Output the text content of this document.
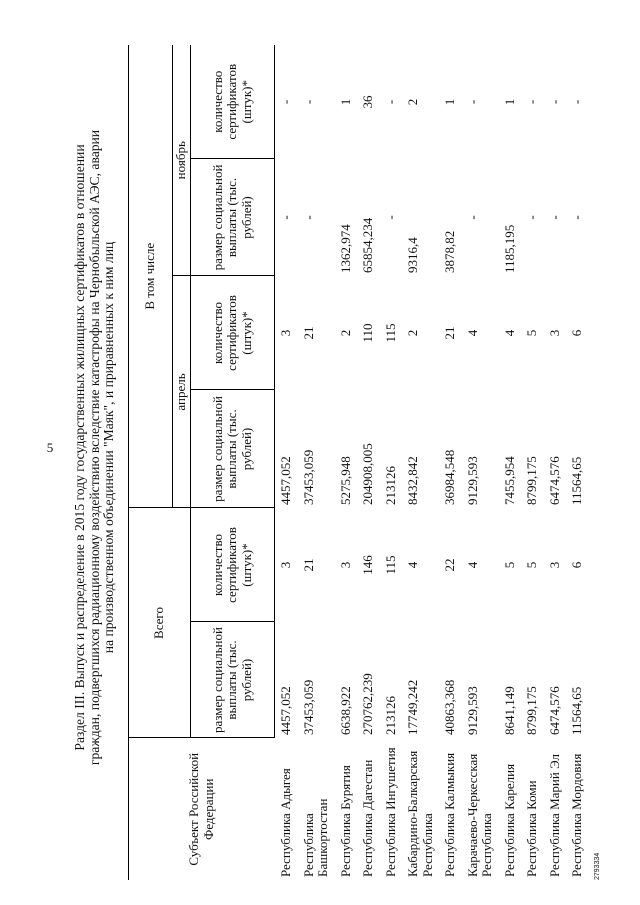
5	Раздел III. Выпуск и распределение в 2015 году государственных жилищных сертификатов в отношении граждан, подвергшихся радиационному воздействию вследствие катастрофы на Чернобыльской АЭС, аварии на производственном объединении "Маяк", и приравненных к ним лиц
Субъект Российской Федерации	Всего		В том числе			
			апрель		ноябрь	
	размер социальной выплаты (тыс. рублей)	количество сертификатов (штук)*	размер социальной выплаты (тыс. рублей)	количество сертификатов (штук)*	размер социальной выплаты (тыс. рублей)	количество сертификатов (штук)*
Республика Адыгея	4457,052	3	4457,052	3	-	-
Республика Башкортостан	37453,059	21	37453,059	21	-	-
Республика Бурятия	6638,922	3	5275,948	2	1362,974	1
Республика Дагестан	270762,239	146	204908,005	110	65854,234	36
Республика Ингушетия	213126	115	213126	115	-	-
Кабардино-Балкарская Республика	17749,242	4	8432,842	2	9316,4	2
Республика Калмыкия	40863,368	22	36984,548	21	3878,82	1
Карачаево-Черкесская Республика	9129,593	4	9129,593	4	-	-
Республика Карелия	8641,149	5	7455,954	4	1185,195	1
Республика Коми	8799,175	5	8799,175	5	-	-
Республика Марий Эл	6474,576	3	6474,576	3	-	-
Республика Мордовия	11564,65	6	11564,65	6	-	-
2793334
